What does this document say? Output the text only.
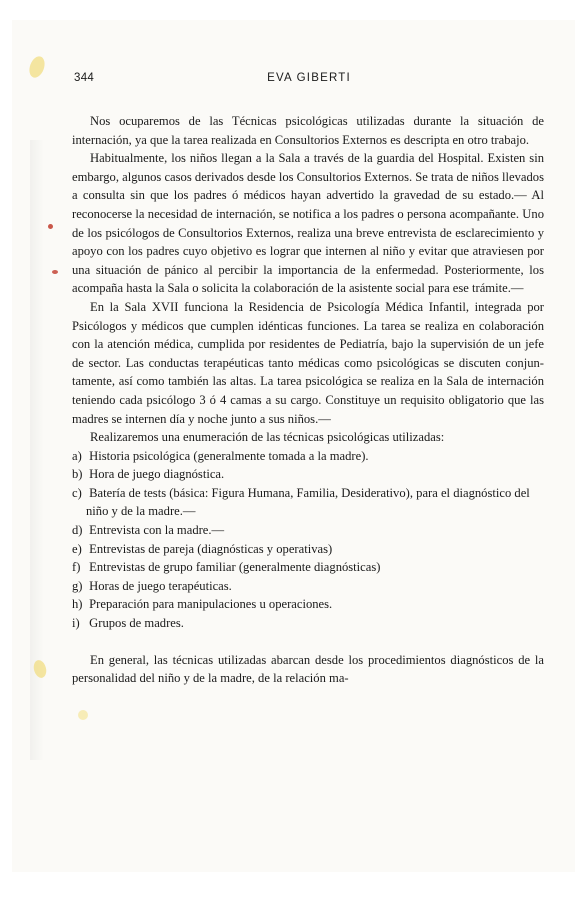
344	EVA GIBERTI

Nos ocuparemos de las Técnicas psicológicas utilizadas durante la situación de internación, ya que la tarea realizada en Consultorios Externos es descripta en otro trabajo.

Habitualmente, los niños llegan a la Sala a través de la guardia del Hospital. Existen sin embargo, algunos casos derivados desde los Consultorios Externos. Se trata de niños llevados a consulta sin que los padres ó médicos hayan advertido la gravedad de su estado.— Al reconocerse la necesidad de internación, se notifica a los padres o persona acompañante. Uno de los psicólogos de Consultorios Externos, realiza una breve entrevista de esclarecimiento y apoyo con los padres cuyo objetivo es lograr que internen al niño y evitar que atraviesen por una situación de pánico al percibir la importancia de la enfermedad. Posteriormente, los acompaña hasta la Sala o solicita la colaboración de la asistente social para ese trámite.—

En la Sala XVII funciona la Residencia de Psicología Médica Infantil, integrada por Psicólogos y médicos que cumplen idénticas funciones. La tarea se realiza en colaboración con la atención médica, cumplida por residentes de Pediatría, bajo la supervisión de un jefe de sector. Las conductas terapéuticas tanto médicas como psicológicas se discuten conjuntamente, así como también las altas. La tarea psicológica se realiza en la Sala de internación teniendo cada psicólogo 3 ó 4 camas a su cargo. Constituye un requisito obligatorio que las madres se internen día y noche junto a sus niños.—

Realizaremos una enumeración de las técnicas psicológicas utilizadas:

a) Historia psicológica (generalmente tomada a la madre).
b) Hora de juego diagnóstica.
c) Batería de tests (básica: Figura Humana, Familia, Desiderativo), para el diagnóstico del niño y de la madre.—
d) Entrevista con la madre.—
e) Entrevistas de pareja (diagnósticas y operativas)
f) Entrevistas de grupo familiar (generalmente diagnósticas)
g) Horas de juego terapéuticas.
h) Preparación para manipulaciones u operaciones.
i) Grupos de madres.

En general, las técnicas utilizadas abarcan desde los procedimientos diagnósticos de la personalidad del niño y de la madre, de la relación ma-
